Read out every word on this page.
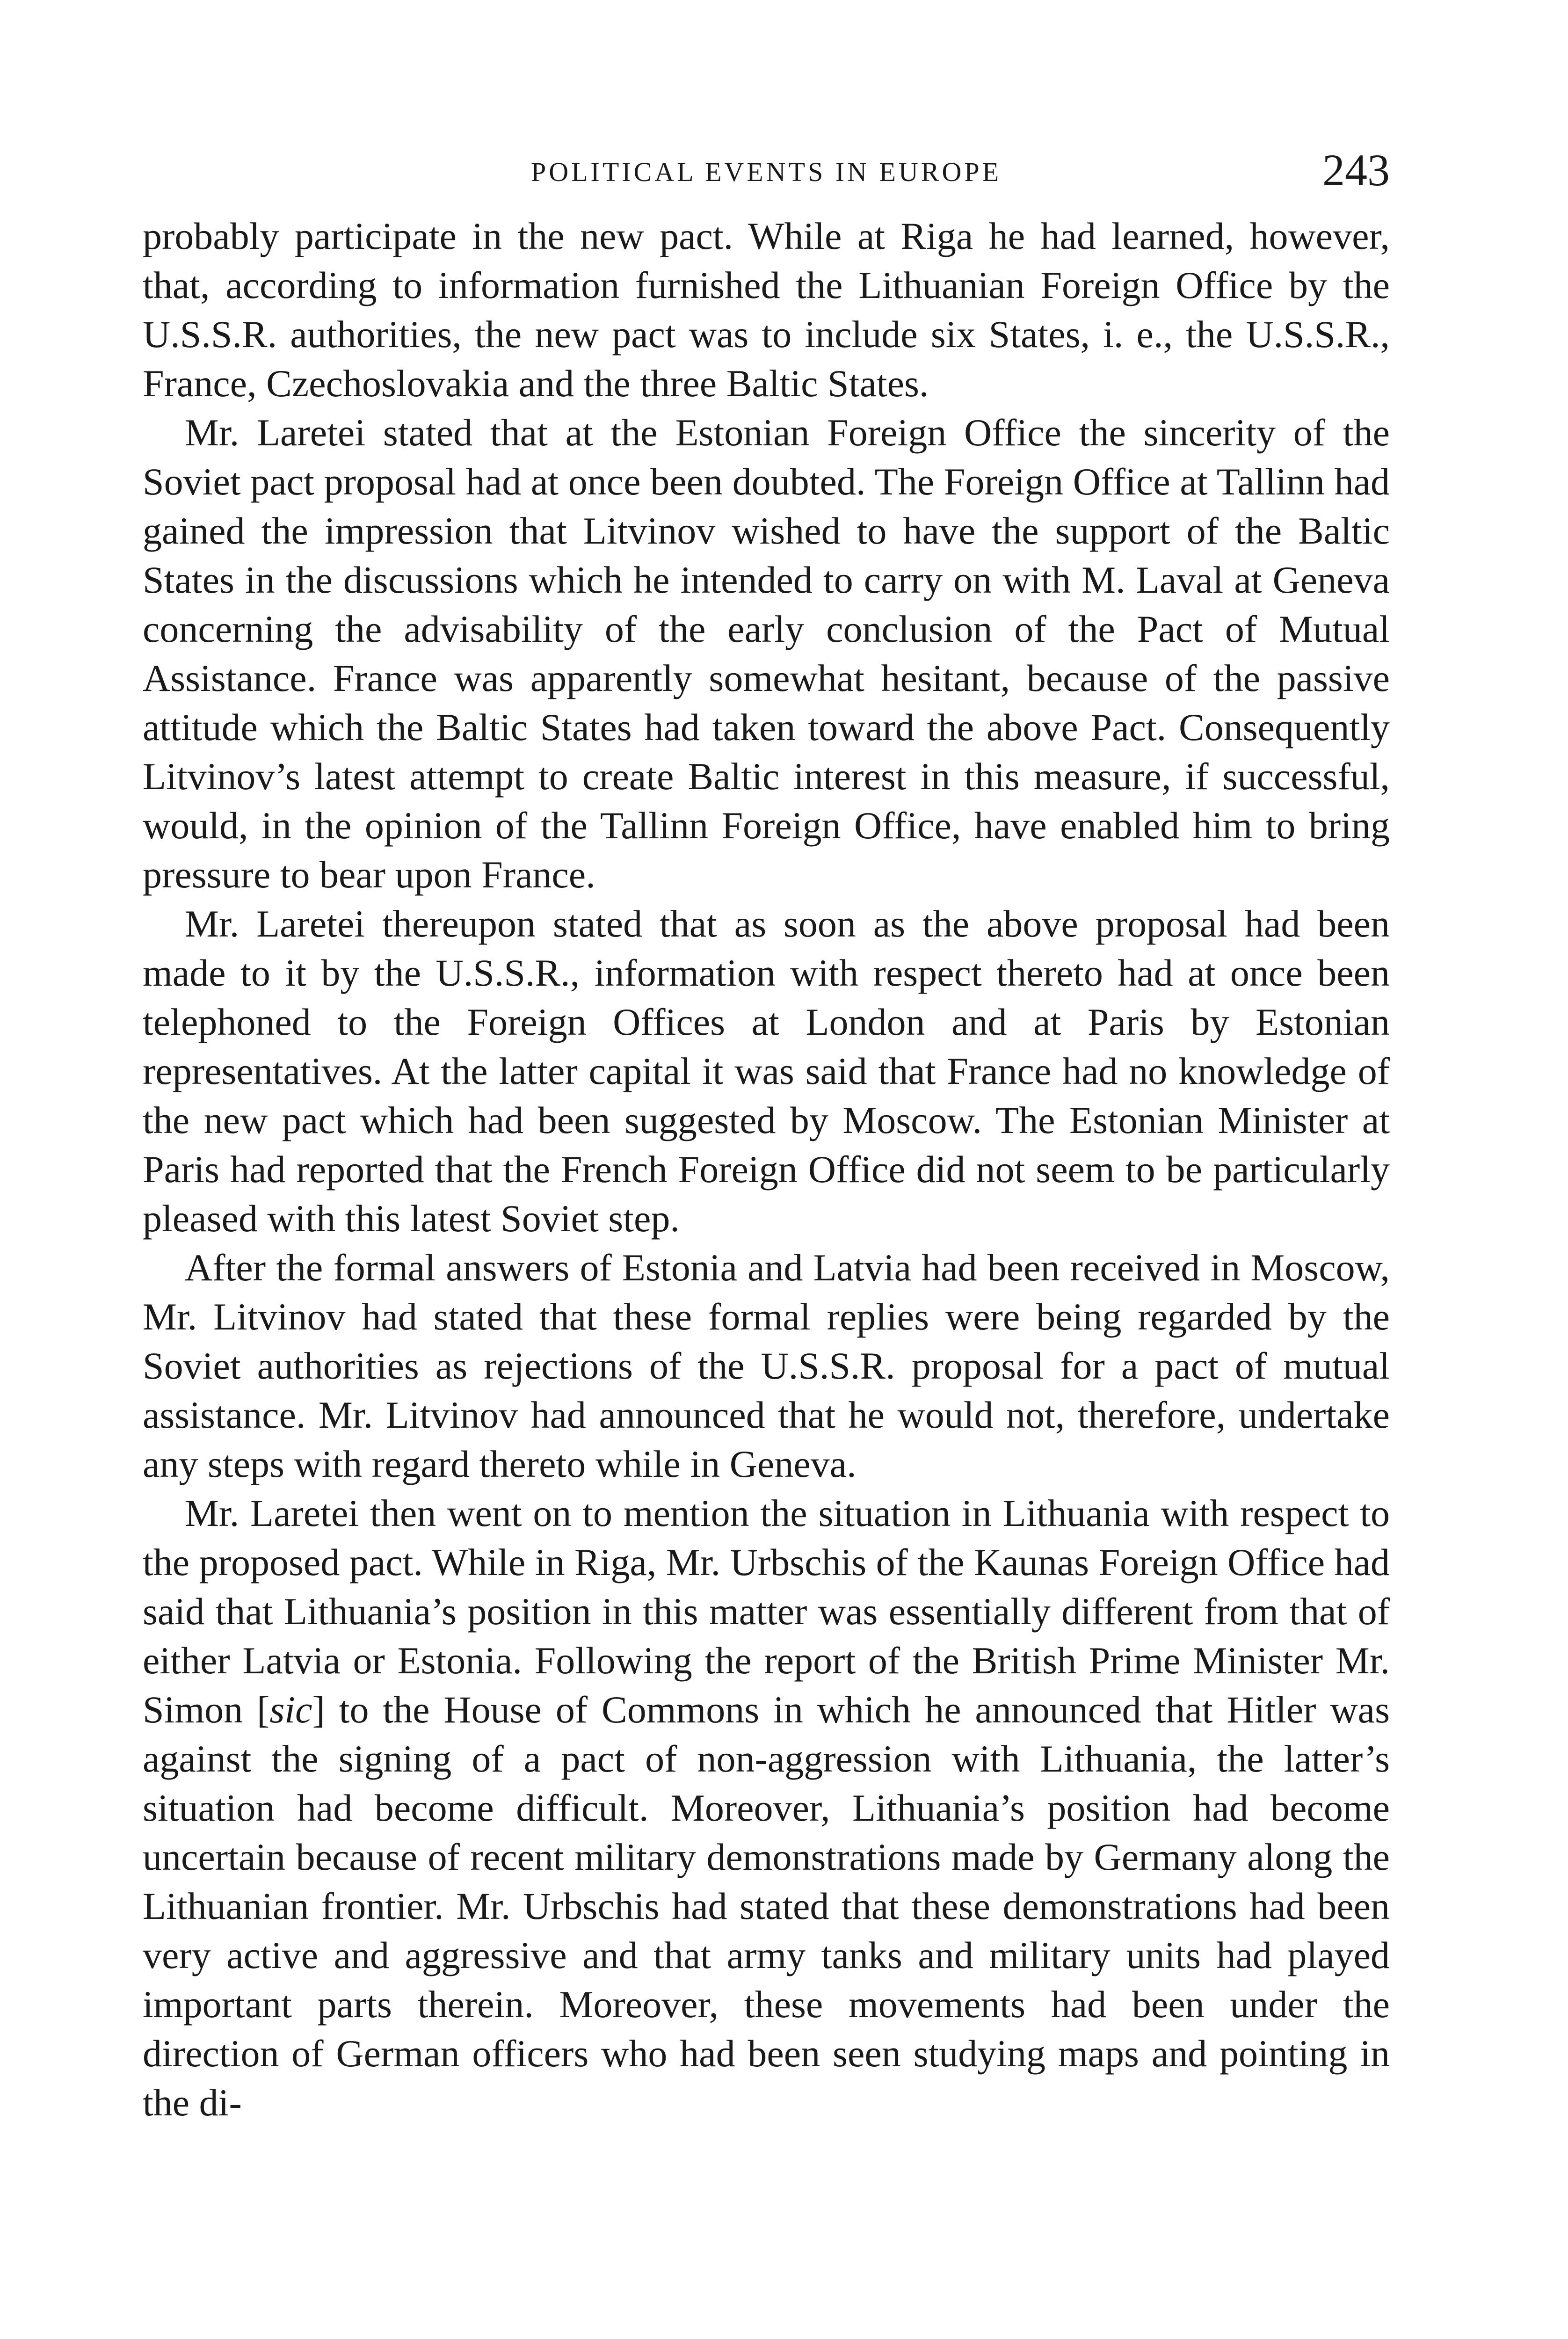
POLITICAL EVENTS IN EUROPE	243

probably participate in the new pact. While at Riga he had learned, however, that, according to information furnished the Lithuanian Foreign Office by the U.S.S.R. authorities, the new pact was to include six States, i. e., the U.S.S.R., France, Czechoslovakia and the three Baltic States.

Mr. Laretei stated that at the Estonian Foreign Office the sincerity of the Soviet pact proposal had at once been doubted. The Foreign Office at Tallinn had gained the impression that Litvinov wished to have the support of the Baltic States in the discussions which he intended to carry on with M. Laval at Geneva concerning the advisability of the early conclusion of the Pact of Mutual Assistance. France was apparently somewhat hesitant, because of the passive attitude which the Baltic States had taken toward the above Pact. Consequently Litvinov’s latest attempt to create Baltic interest in this measure, if successful, would, in the opinion of the Tallinn Foreign Office, have enabled him to bring pressure to bear upon France.

Mr. Laretei thereupon stated that as soon as the above proposal had been made to it by the U.S.S.R., information with respect thereto had at once been telephoned to the Foreign Offices at London and at Paris by Estonian representatives. At the latter capital it was said that France had no knowledge of the new pact which had been suggested by Moscow. The Estonian Minister at Paris had reported that the French Foreign Office did not seem to be particularly pleased with this latest Soviet step.

After the formal answers of Estonia and Latvia had been received in Moscow, Mr. Litvinov had stated that these formal replies were being regarded by the Soviet authorities as rejections of the U.S.S.R. proposal for a pact of mutual assistance. Mr. Litvinov had announced that he would not, therefore, undertake any steps with regard thereto while in Geneva.

Mr. Laretei then went on to mention the situation in Lithuania with respect to the proposed pact. While in Riga, Mr. Urbschis of the Kaunas Foreign Office had said that Lithuania’s position in this matter was essentially different from that of either Latvia or Estonia. Following the report of the British Prime Minister Mr. Simon [sic] to the House of Commons in which he announced that Hitler was against the signing of a pact of non-aggression with Lithuania, the latter’s situation had become difficult. Moreover, Lithuania’s position had become uncertain because of recent military demonstrations made by Germany along the Lithuanian frontier. Mr. Urbschis had stated that these demonstrations had been very active and aggressive and that army tanks and military units had played important parts therein. Moreover, these movements had been under the direction of German officers who had been seen studying maps and pointing in the di-
